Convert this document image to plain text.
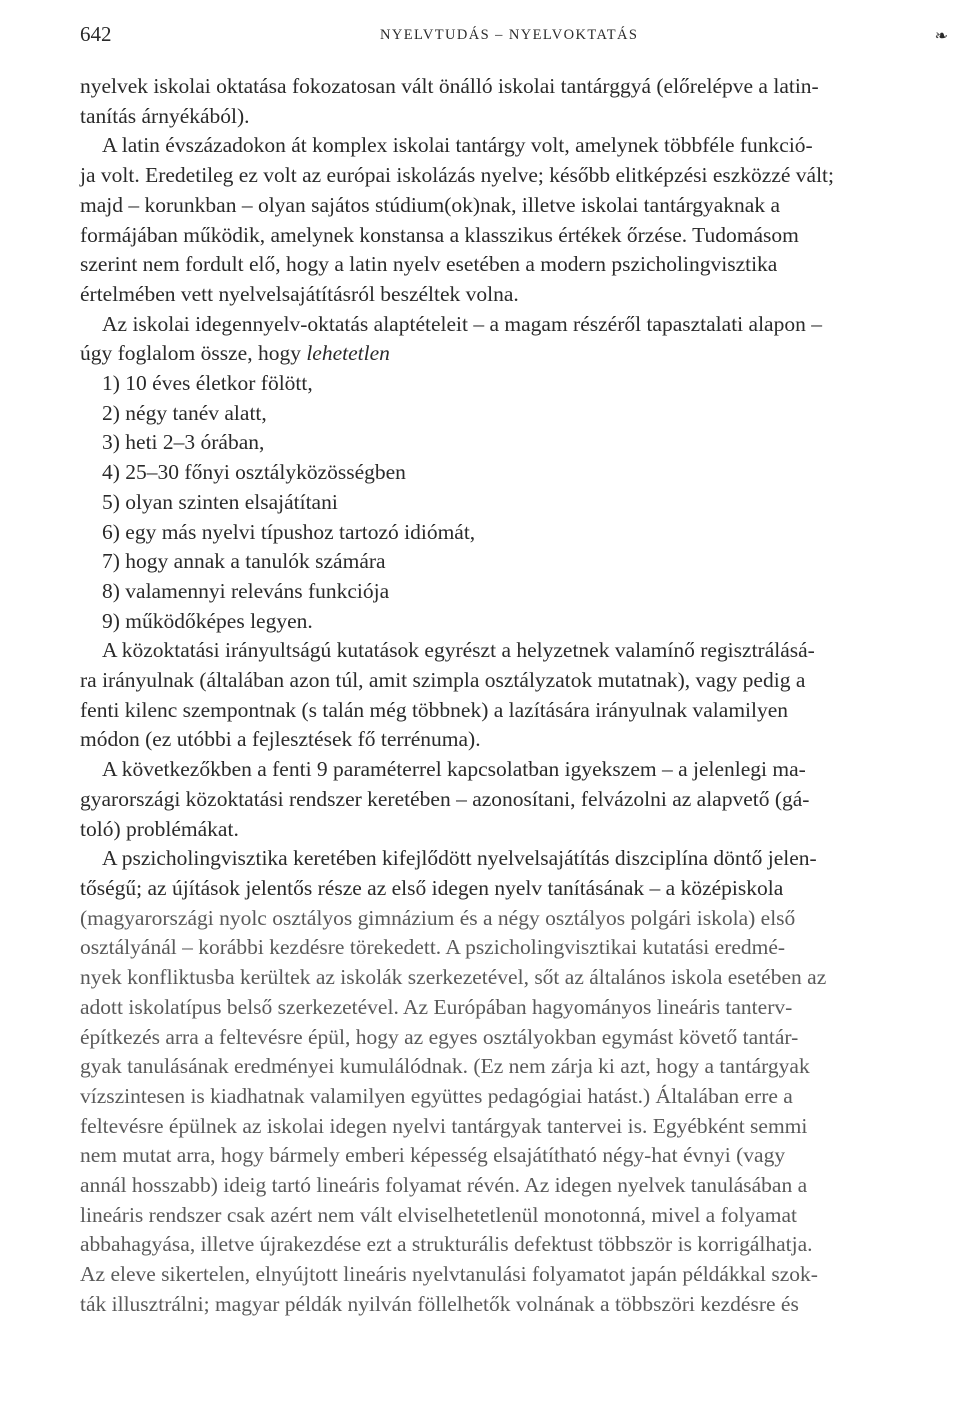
642	NYELVTUDÁS – NYELVOKTATÁS	❧
nyelvek iskolai oktatása fokozatosan vált önálló iskolai tantárggyá (előrelépve a latin-
tanítás árnyékából).
A latin évszázadokon át komplex iskolai tantárgy volt, amelynek többféle funkció-
ja volt. Eredetileg ez volt az európai iskolázás nyelve; később elitképzési eszközzé vált;
majd – korunkban – olyan sajátos stúdium(ok)nak, illetve iskolai tantárgyaknak a
formájában működik, amelynek konstansa a klasszikus értékek őrzése. Tudomásom
szerint nem fordult elő, hogy a latin nyelv esetében a modern pszicholingvisztika
értelmében vett nyelvelsajátításról beszéltek volna.
Az iskolai idegennyelv-oktatás alaptételeit – a magam részéről tapasztalati alapon –
úgy foglalom össze, hogy lehetetlen
1) 10 éves életkor fölött,
2) négy tanév alatt,
3) heti 2–3 órában,
4) 25–30 főnyi osztályközösségben
5) olyan szinten elsajátítani
6) egy más nyelvi típushoz tartozó idiómát,
7) hogy annak a tanulók számára
8) valamennyi releváns funkciója
9) működőképes legyen.
A közoktatási irányultságú kutatások egyrészt a helyzetnek valamínő regisztrálásá-
ra irányulnak (általában azon túl, amit szimpla osztályzatok mutatnak), vagy pedig a
fenti kilenc szempontnak (s talán még többnek) a lazítására irányulnak valamilyen
módon (ez utóbbi a fejlesztések fő terrénuma).
A következőkben a fenti 9 paraméterrel kapcsolatban igyekszem – a jelenlegi ma-
gyarországi közoktatási rendszer keretében – azonosítani, felvázolni az alapvető (gá-
toló) problémákat.
A pszicholingvisztika keretében kifejlődött nyelvelsajátítás diszciplína döntő jelen-
tőségű; az újítások jelentős része az első idegen nyelv tanításának – a középiskola
(magyarországi nyolc osztályos gimnázium és a négy osztályos polgári iskola) első
osztályánál – korábbi kezdésre törekedett. A pszicholingvisztikai kutatási eredmé-
nyek konfliktusba kerültek az iskolák szerkezetével, sőt az általános iskola esetében az
adott iskolatípus belső szerkezetével. Az Európában hagyományos lineáris tanterv-
építkezés arra a feltevésre épül, hogy az egyes osztályokban egymást követő tantár-
gyak tanulásának eredményei kumulálódnak. (Ez nem zárja ki azt, hogy a tantárgyak
vízszintesen is kiadhatnak valamilyen együttes pedagógiai hatást.) Általában erre a
feltevésre épülnek az iskolai idegen nyelvi tantárgyak tantervei is. Egyébként semmi
nem mutat arra, hogy bármely emberi képesség elsajátítható négy-hat évnyi (vagy
annál hosszabb) ideig tartó lineáris folyamat révén. Az idegen nyelvek tanulásában a
lineáris rendszer csak azért nem vált elviselhetetlenül monotonná, mivel a folyamat
abbahagyása, illetve újrakezdése ezt a strukturális defektust többször is korrigálhatja.
Az eleve sikertelen, elnyújtott lineáris nyelvtanulási folyamatot japán példákkal szok-
ták illusztrálni; magyar példák nyilván föllelhetők volnának a többszöri kezdésre és
